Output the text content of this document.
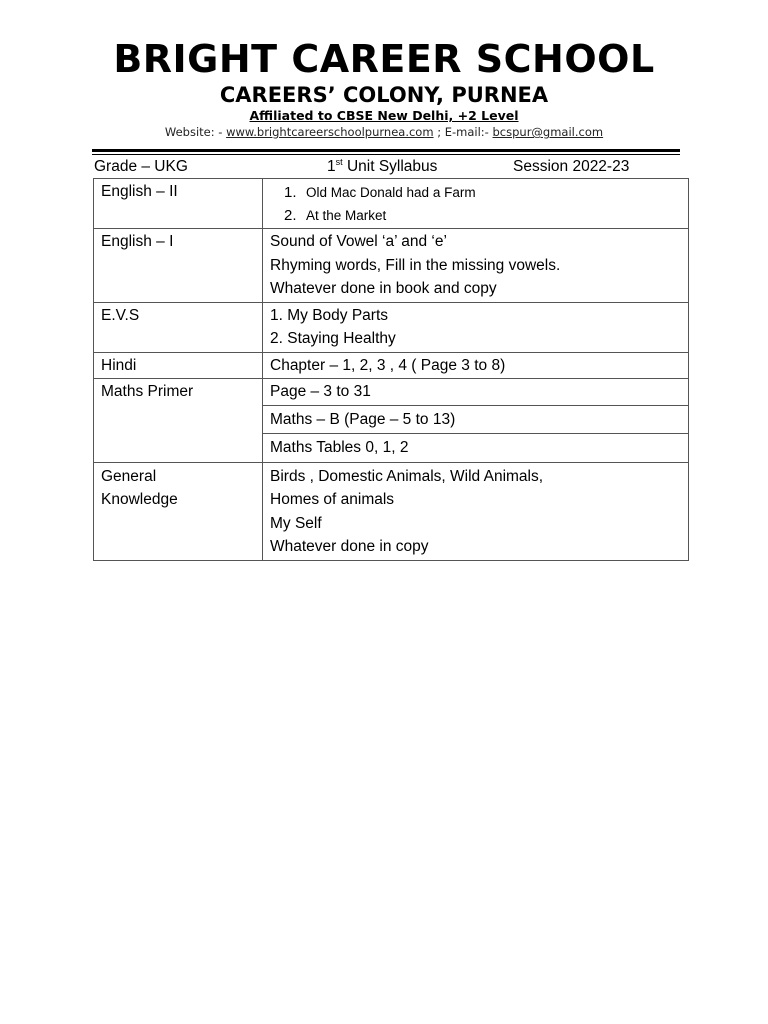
BRIGHT CAREER SCHOOL
CAREERS’ COLONY, PURNEA
Affiliated to CBSE New Delhi, +2 Level
Website: - www.brightcareerschoolpurnea.com ; E-mail:- bcspur@gmail.com
Grade – UKG	1st Unit Syllabus	Session 2022-23
English – II	1. Old Mac Donald had a Farm
2. At the Market

English – I	Sound of Vowel ‘a’ and ‘e’
Rhyming words, Fill in the missing vowels.
Whatever done in book and copy

E.V.S	1. My Body Parts
2. Staying Healthy

Hindi	Chapter – 1, 2, 3 , 4 ( Page 3 to 8)

Maths Primer	Page – 3 to 31

	Maths – B (Page – 5 to 13)

	Maths Tables 0, 1, 2

General
Knowledge	Birds , Domestic Animals, Wild Animals,
Homes of animals
My Self
Whatever done in copy
